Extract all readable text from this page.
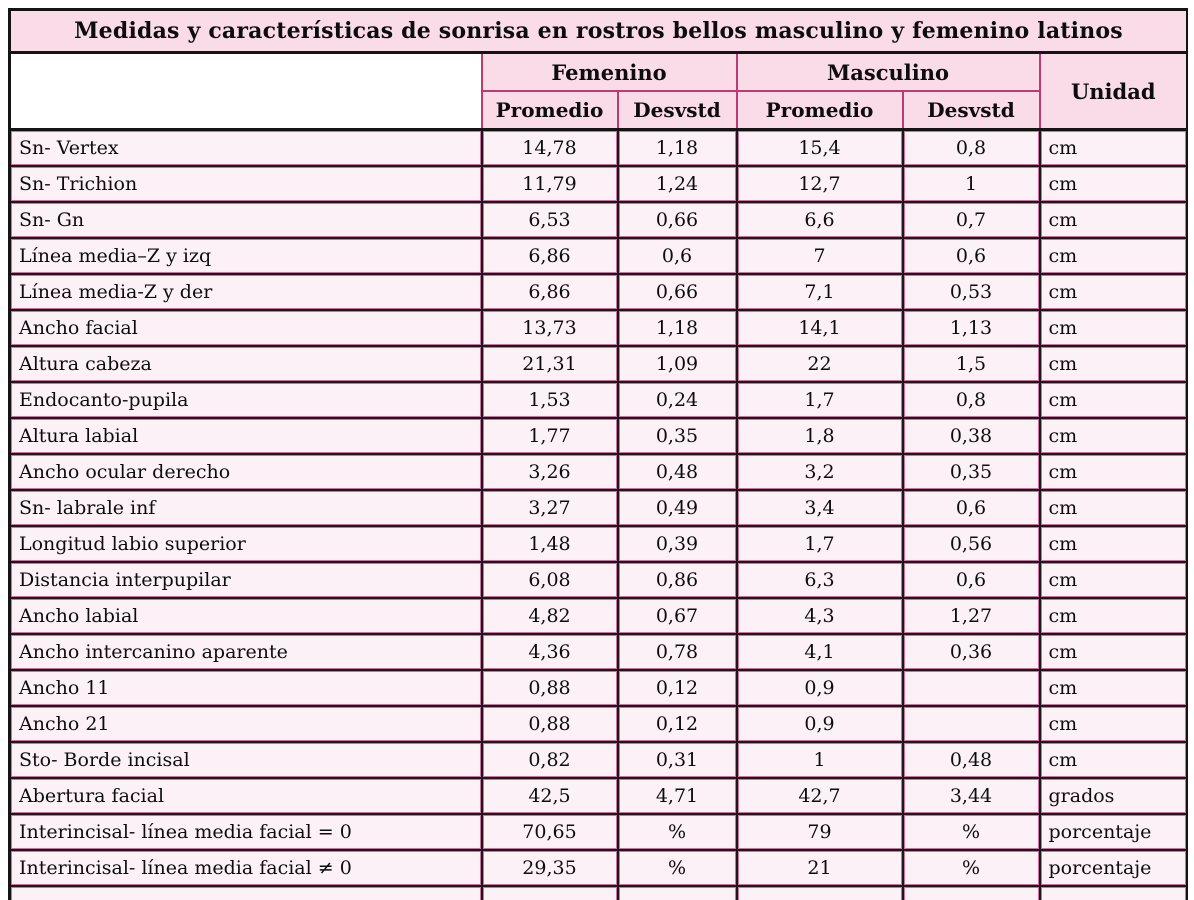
Medidas y características de sonrisa en rostros bellos masculino y femenino latinos					
	Femenino		Masculino		Unidad
	Promedio	Desvstd	Promedio	Desvstd	
Sn- Vertex	14,78	1,18	15,4	0,8	cm
Sn- Trichion	11,79	1,24	12,7	1	cm
Sn- Gn	6,53	0,66	6,6	0,7	cm
Línea media–Z y izq	6,86	0,6	7	0,6	cm
Línea media-Z y der	6,86	0,66	7,1	0,53	cm
Ancho facial	13,73	1,18	14,1	1,13	cm
Altura cabeza	21,31	1,09	22	1,5	cm
Endocanto-pupila	1,53	0,24	1,7	0,8	cm
Altura labial	1,77	0,35	1,8	0,38	cm
Ancho ocular derecho	3,26	0,48	3,2	0,35	cm
Sn- labrale inf	3,27	0,49	3,4	0,6	cm
Longitud labio superior	1,48	0,39	1,7	0,56	cm
Distancia interpupilar	6,08	0,86	6,3	0,6	cm
Ancho labial	4,82	0,67	4,3	1,27	cm
Ancho intercanino aparente	4,36	0,78	4,1	0,36	cm
Ancho 11	0,88	0,12	0,9		cm
Ancho 21	0,88	0,12	0,9		cm
Sto- Borde incisal	0,82	0,31	1	0,48	cm
Abertura facial	42,5	4,71	42,7	3,44	grados
Interincisal- línea media facial = 0	70,65	%	79	%	porcentaje
Interincisal- línea media facial ≠ 0	29,35	%	21	%	porcentaje
